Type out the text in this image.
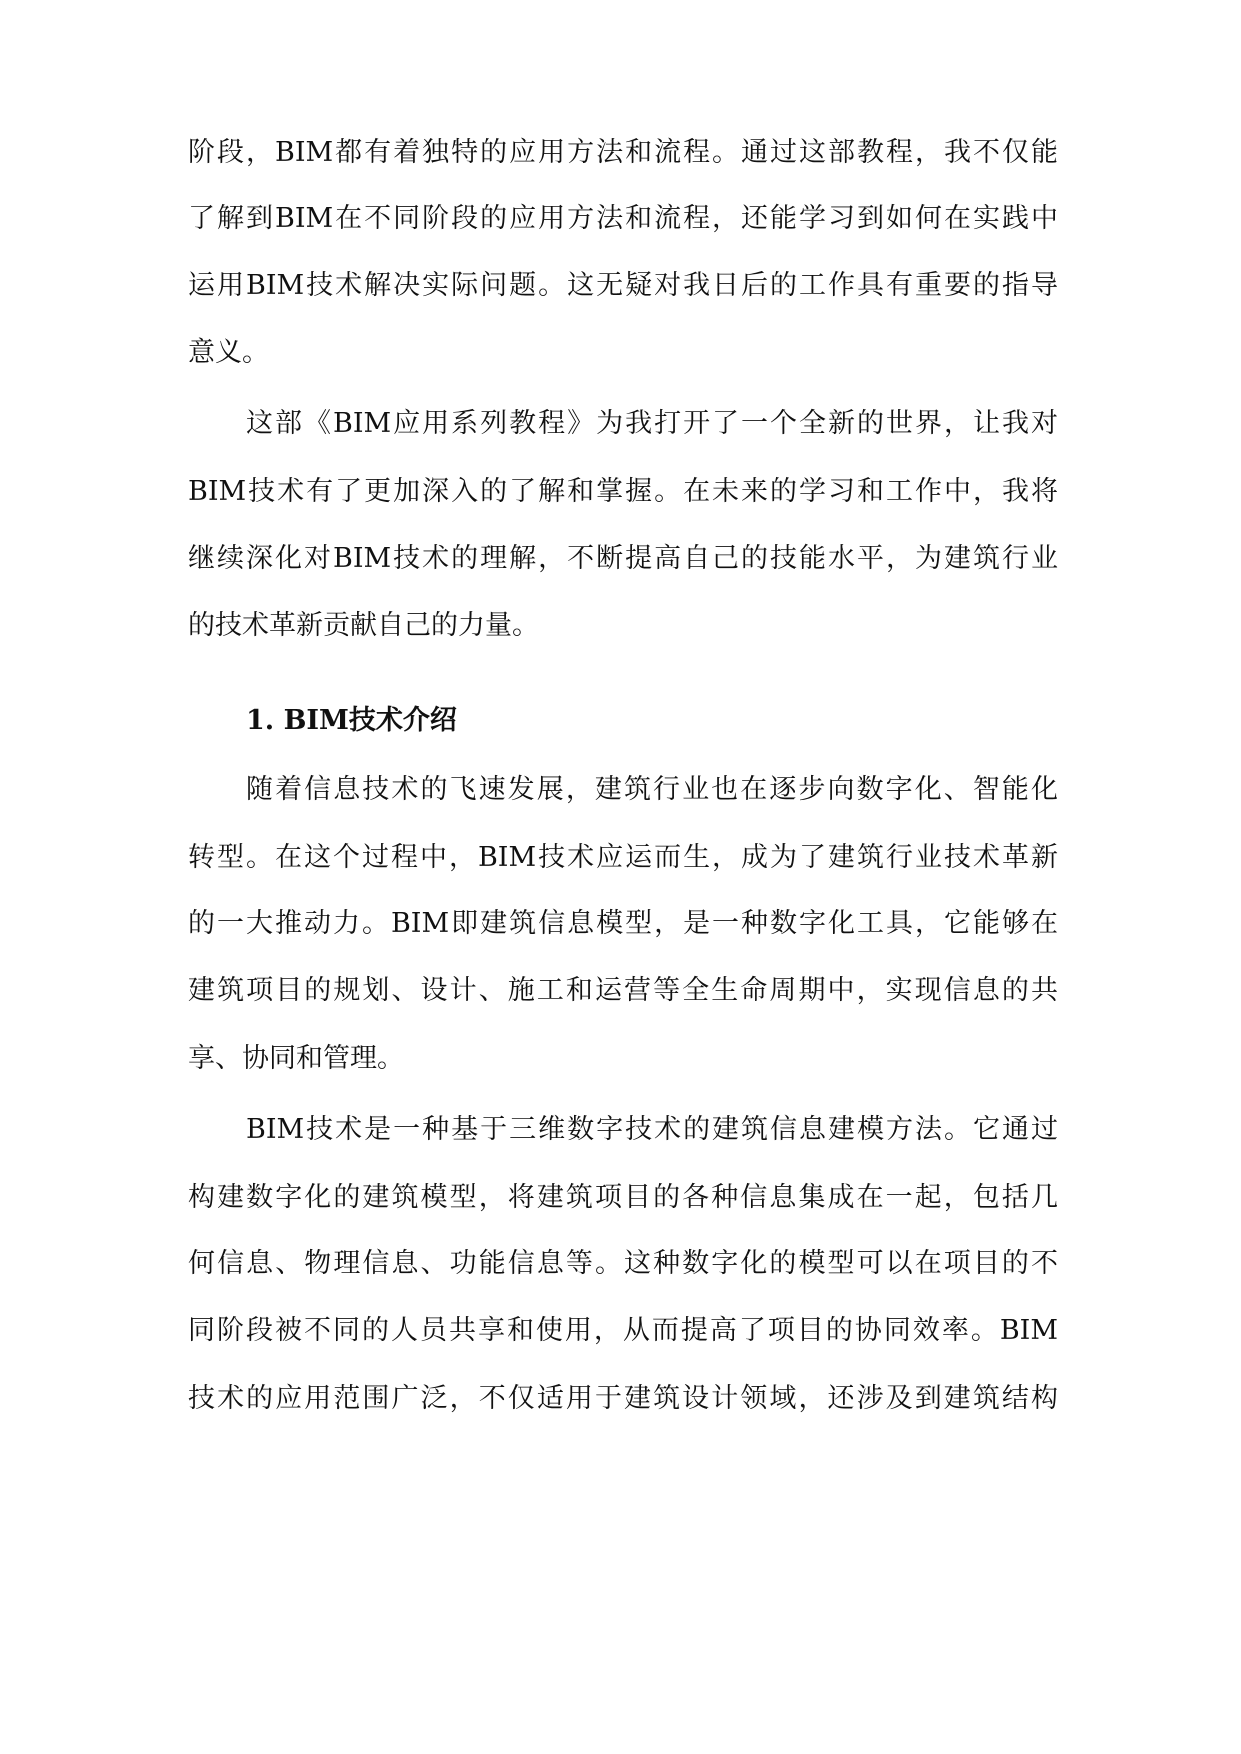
阶段，BIM都有着独特的应用方法和流程。通过这部教程，我不仅能
了解到BIM在不同阶段的应用方法和流程，还能学习到如何在实践中
运用BIM技术解决实际问题。这无疑对我日后的工作具有重要的指导
意义。
这部《BIM应用系列教程》为我打开了一个全新的世界，让我对
BIM技术有了更加深入的了解和掌握。在未来的学习和工作中，我将
继续深化对BIM技术的理解，不断提高自己的技能水平，为建筑行业
的技术革新贡献自己的力量。
1. BIM技术介绍
随着信息技术的飞速发展，建筑行业也在逐步向数字化、智能化
转型。在这个过程中，BIM技术应运而生，成为了建筑行业技术革新
的一大推动力。BIM即建筑信息模型，是一种数字化工具，它能够在
建筑项目的规划、设计、施工和运营等全生命周期中，实现信息的共
享、协同和管理。
BIM技术是一种基于三维数字技术的建筑信息建模方法。它通过
构建数字化的建筑模型，将建筑项目的各种信息集成在一起，包括几
何信息、物理信息、功能信息等。这种数字化的模型可以在项目的不
同阶段被不同的人员共享和使用，从而提高了项目的协同效率。BIM
技术的应用范围广泛，不仅适用于建筑设计领域，还涉及到建筑结构
